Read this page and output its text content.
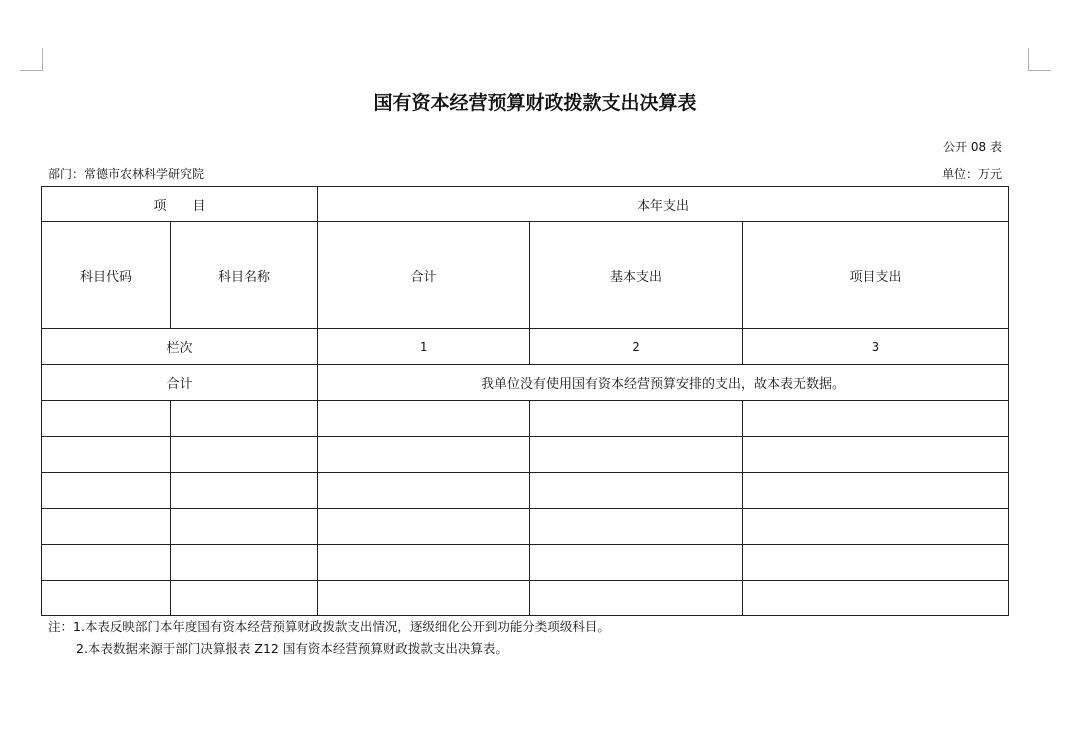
国有资本经营预算财政拨款支出决算表
公开 08 表
部门：常德市农林科学研究院	单位：万元
项　　目		本年支出		
科目代码	科目名称	合计	基本支出	项目支出
栏次		1	2	3
合计		我单位没有使用国有资本经营预算安排的支出，故本表无数据。		

注：1.本表反映部门本年度国有资本经营预算财政拨款支出情况，逐级细化公开到功能分类项级科目。
2.本表数据来源于部门决算报表 Z12 国有资本经营预算财政拨款支出决算表。
